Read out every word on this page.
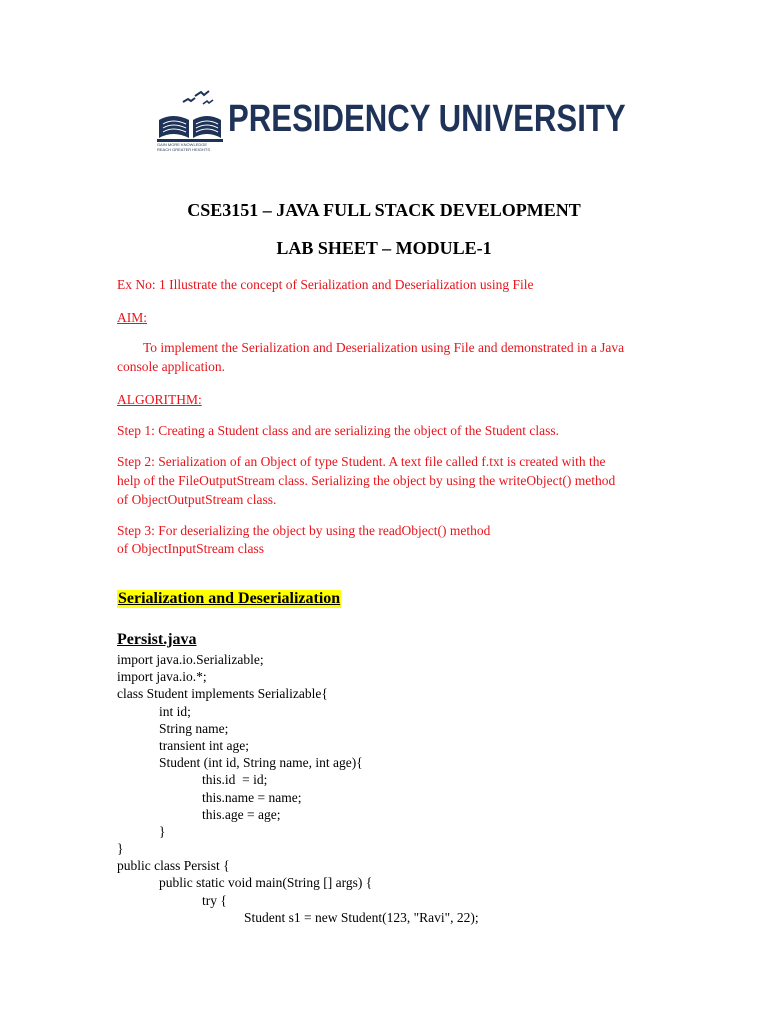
PRESIDENCY UNIVERSITY
GAIN MORE KNOWLEDGE
REACH GREATER HEIGHTS
CSE3151 – JAVA FULL STACK DEVELOPMENT
LAB SHEET – MODULE-1
Ex No: 1 Illustrate the concept of Serialization and Deserialization using File
AIM:
To implement the Serialization and Deserialization using File and demonstrated in a Java
console application.
ALGORITHM:
Step 1: Creating a Student class and are serializing the object of the Student class.
Step 2: Serialization of an Object of type Student. A text file called f.txt is created with the
help of the FileOutputStream class. Serializing the object by using the writeObject() method
of ObjectOutputStream class.
Step 3: For deserializing the object by using the readObject() method
of ObjectInputStream class
Serialization and Deserialization
Persist.java
import java.io.Serializable;
import java.io.*;
class Student implements Serializable{
int id;
String name;
transient int age;
Student (int id, String name, int age){
this.id  = id;
this.name = name;
this.age = age;
}
}
public class Persist {
public static void main(String [] args) {
try {
Student s1 = new Student(123, "Ravi", 22);
